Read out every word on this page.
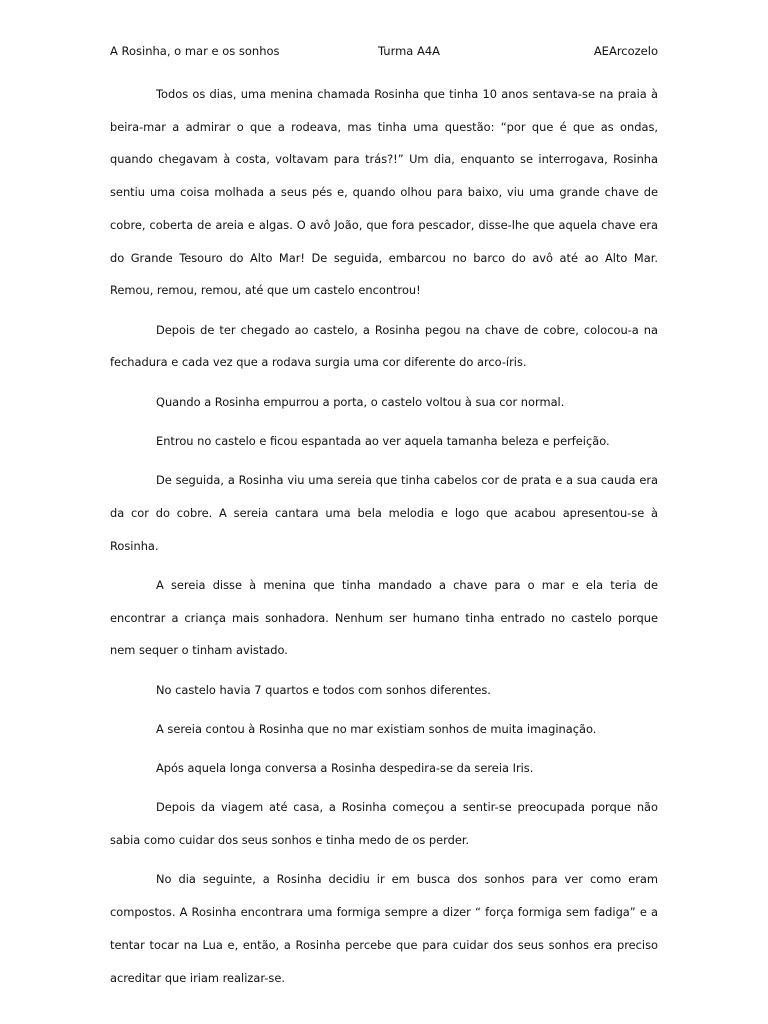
A Rosinha, o mar e os sonhos	Turma A4A	AEArcozelo

Todos os dias, uma menina chamada Rosinha que tinha 10 anos sentava-se na praia à beira-mar a admirar o que a rodeava, mas tinha uma questão: “por que é que as ondas, quando chegavam à costa, voltavam para trás?!” Um dia, enquanto se interrogava, Rosinha sentiu uma coisa molhada a seus pés e, quando olhou para baixo, viu uma grande chave de cobre, coberta de areia e algas. O avô João, que fora pescador, disse-lhe que aquela chave era do Grande Tesouro do Alto Mar! De seguida, embarcou no barco do avô até ao Alto Mar. Remou, remou, remou, até que um castelo encontrou!

Depois de ter chegado ao castelo, a Rosinha pegou na chave de cobre, colocou-a na fechadura e cada vez que a rodava surgia uma cor diferente do arco-íris.

Quando a Rosinha empurrou a porta, o castelo voltou à sua cor normal.

Entrou no castelo e ficou espantada ao ver aquela tamanha beleza e perfeição.

De seguida, a Rosinha viu uma sereia que tinha cabelos cor de prata e a sua cauda era da cor do cobre. A sereia cantara uma bela melodia e logo que acabou apresentou-se à Rosinha.

A sereia disse à menina que tinha mandado a chave para o mar e ela teria de encontrar a criança mais sonhadora. Nenhum ser humano tinha entrado no castelo porque nem sequer o tinham avistado.

No castelo havia 7 quartos e todos com sonhos diferentes.

A sereia contou à Rosinha que no mar existiam sonhos de muita imaginação.

Após aquela longa conversa a Rosinha despedira-se da sereia Iris.

Depois da viagem até casa, a Rosinha começou a sentir-se preocupada porque não sabia como cuidar dos seus sonhos e tinha medo de os perder.

No dia seguinte, a Rosinha decidiu ir em busca dos sonhos para ver como eram compostos. A Rosinha encontrara uma formiga sempre a dizer “ força formiga sem fadiga” e a tentar tocar na Lua e, então, a Rosinha percebe que para cuidar dos seus sonhos era preciso acreditar que iriam realizar-se.
